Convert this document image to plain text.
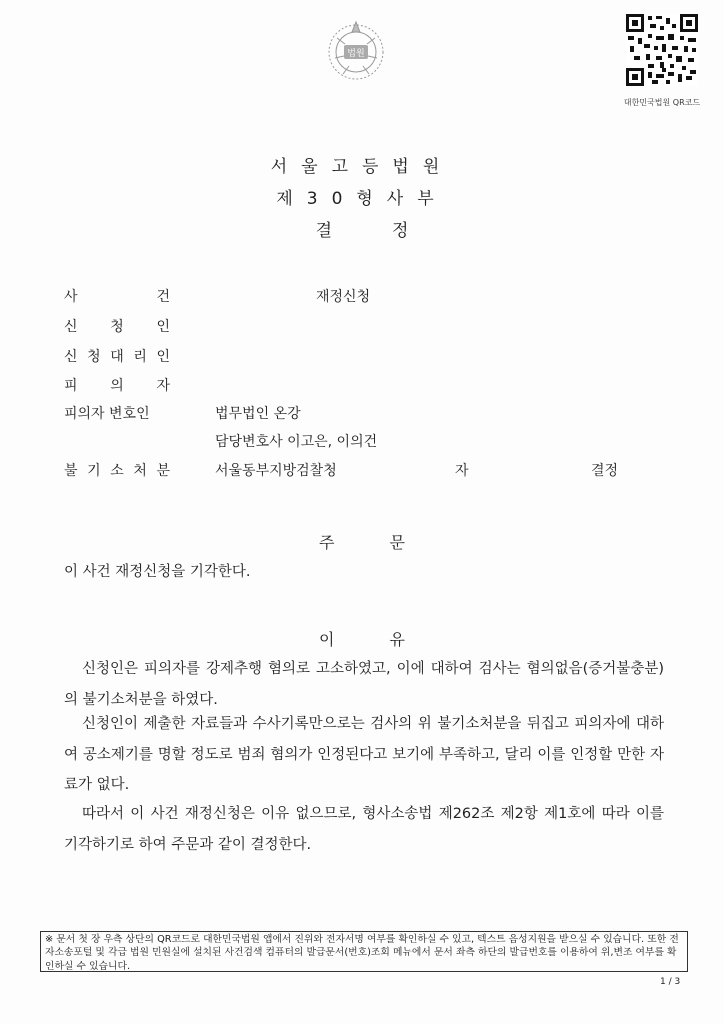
법원
대한민국법원 QR코드
서울고등법원
제30형사부
결정
사	건	재정신청
신 청 인
신 청 대 리 인
피 의 자
피의자 변호인	법무법인 온강
담당변호사 이고은, 이의건
불 기 소 처 분	서울동부지방검찰청	자	결정
주 문
이 사건 재정신청을 기각한다.
이 유
신청인은 피의자를 강제추행 혐의로 고소하였고, 이에 대하여 검사는 혐의없음(증거불충분)의 불기소처분을 하였다.
신청인이 제출한 자료들과 수사기록만으로는 검사의 위 불기소처분을 뒤집고 피의자에 대하여 공소제기를 명할 정도로 범죄 혐의가 인정된다고 보기에 부족하고, 달리 이를 인정할 만한 자료가 없다.
따라서 이 사건 재정신청은 이유 없으므로, 형사소송법 제262조 제2항 제1호에 따라 이를 기각하기로 하여 주문과 같이 결정한다.
※ 문서 첫 장 우측 상단의 QR코드로 대한민국법원 앱에서 진위와 전자서명 여부를 확인하실 수 있고, 텍스트 음성지원을 받으실 수 있습니다. 또한 전자소송포털 및 각급 법원 민원실에 설치된 사건검색 컴퓨터의 발급문서(번호)조회 메뉴에서 문서 좌측 하단의 발급번호를 이용하여 위,변조 여부를 확인하실 수 있습니다.
1 / 3
